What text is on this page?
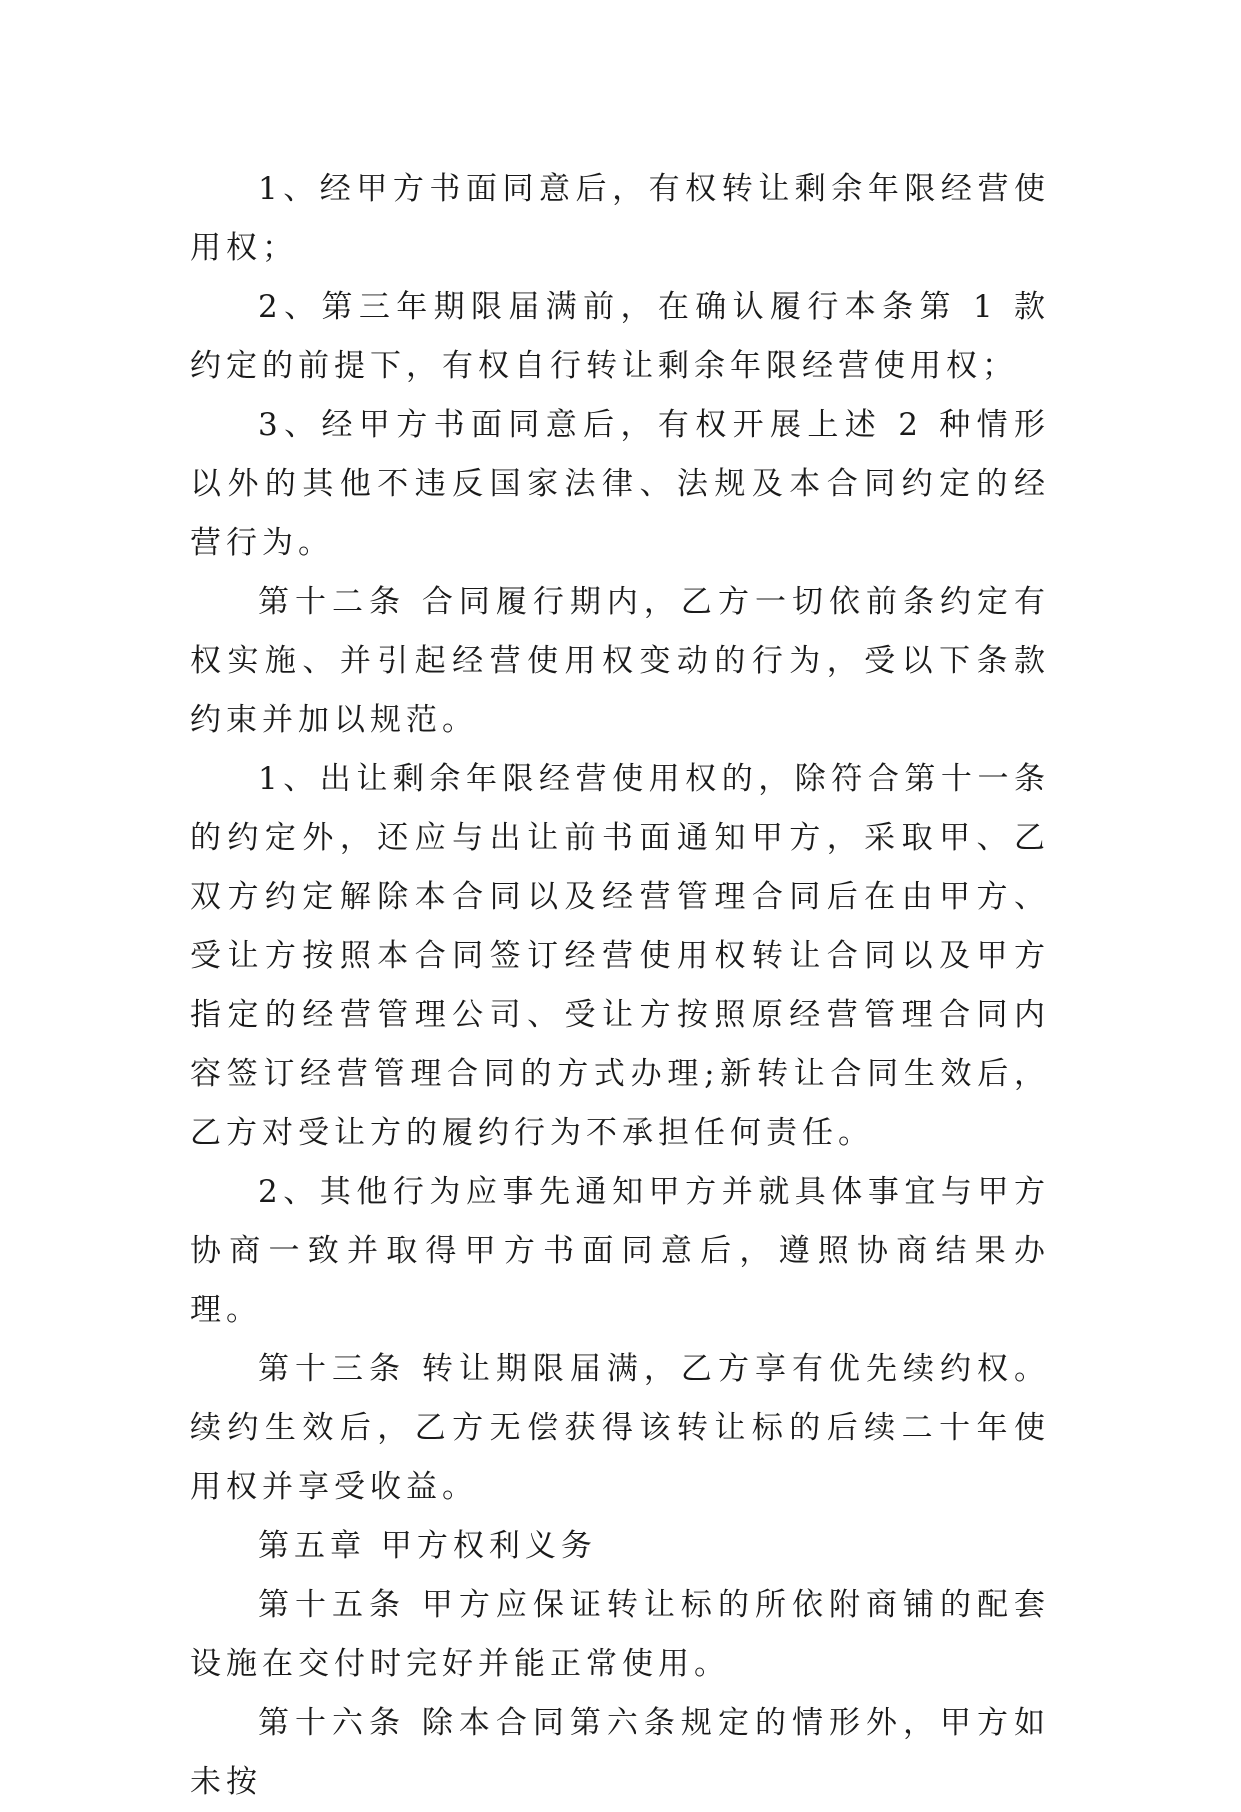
1、经甲方书面同意后，有权转让剩余年限经营使用权；

2、第三年期限届满前，在确认履行本条第 1 款约定的前提下，有权自行转让剩余年限经营使用权；

3、经甲方书面同意后，有权开展上述 2 种情形以外的其他不违反国家法律、法规及本合同约定的经营行为。

第十二条 合同履行期内，乙方一切依前条约定有权实施、并引起经营使用权变动的行为，受以下条款约束并加以规范。

1、出让剩余年限经营使用权的，除符合第十一条的约定外，还应与出让前书面通知甲方，采取甲、乙双方约定解除本合同以及经营管理合同后在由甲方、受让方按照本合同签订经营使用权转让合同以及甲方指定的经营管理公司、受让方按照原经营管理合同内容签订经营管理合同的方式办理;新转让合同生效后，乙方对受让方的履约行为不承担任何责任。

2、其他行为应事先通知甲方并就具体事宜与甲方协商一致并取得甲方书面同意后，遵照协商结果办理。

第十三条 转让期限届满，乙方享有优先续约权。续约生效后，乙方无偿获得该转让标的后续二十年使用权并享受收益。

第五章 甲方权利义务

第十五条 甲方应保证转让标的所依附商铺的配套设施在交付时完好并能正常使用。

第十六条 除本合同第六条规定的情形外，甲方如未按
